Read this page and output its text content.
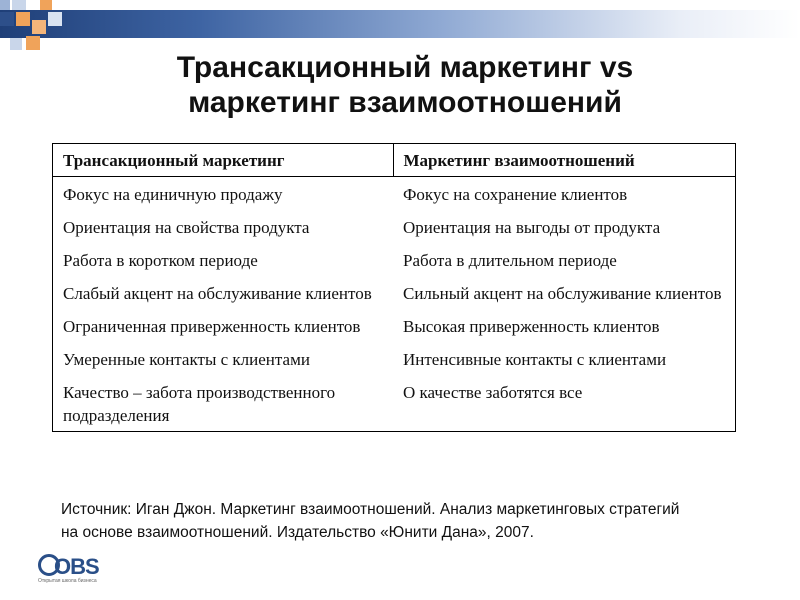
Трансакционный маркетинг vs
маркетинг взаимоотношений
Трансакционный маркетинг	Маркетинг взаимоотношений
Фокус на единичную продажу	Фокус на сохранение клиентов
Ориентация на свойства продукта	Ориентация на выгоды от продукта
Работа в коротком периоде	Работа в длительном периоде
Слабый акцент на обслуживание клиентов	Сильный акцент на обслуживание клиентов
Ограниченная приверженность клиентов	Высокая приверженность клиентов
Умеренные контакты с клиентами	Интенсивные контакты с клиентами
Качество – забота производственного подразделения	О качестве заботятся все
Источник: Иган Джон. Маркетинг взаимоотношений. Анализ маркетинговых стратегий
на основе взаимоотношений. Издательство «Юнити Дана», 2007.
OBS
Открытая школа бизнеса
